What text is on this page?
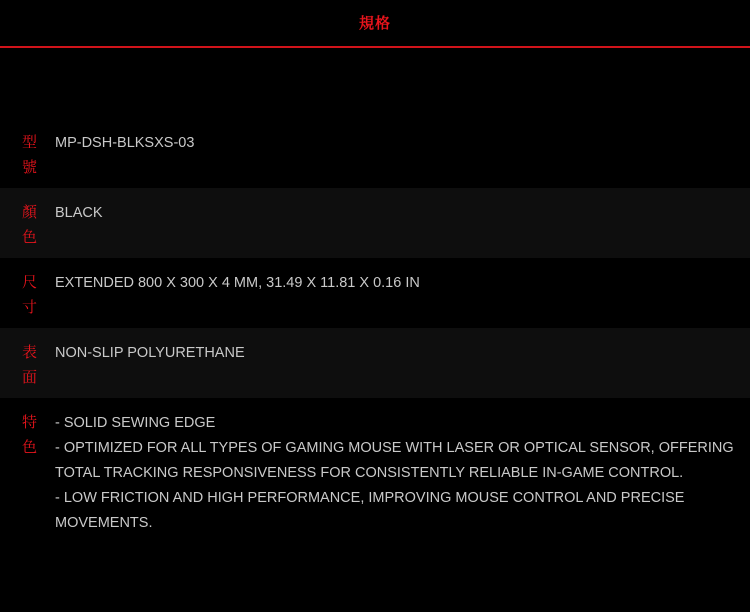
規格
型號
MP-DSH-BLKSXS-03
顏色
BLACK
尺寸
EXTENDED 800 X 300 X 4 MM, 31.49 X 11.81 X 0.16 IN
表面
NON-SLIP POLYURETHANE
特色
- SOLID SEWING EDGE
- OPTIMIZED FOR ALL TYPES OF GAMING MOUSE WITH LASER OR OPTICAL SENSOR, OFFERING TOTAL TRACKING RESPONSIVENESS FOR CONSISTENTLY RELIABLE IN-GAME CONTROL.
- LOW FRICTION AND HIGH PERFORMANCE, IMPROVING MOUSE CONTROL AND PRECISE MOVEMENTS.
